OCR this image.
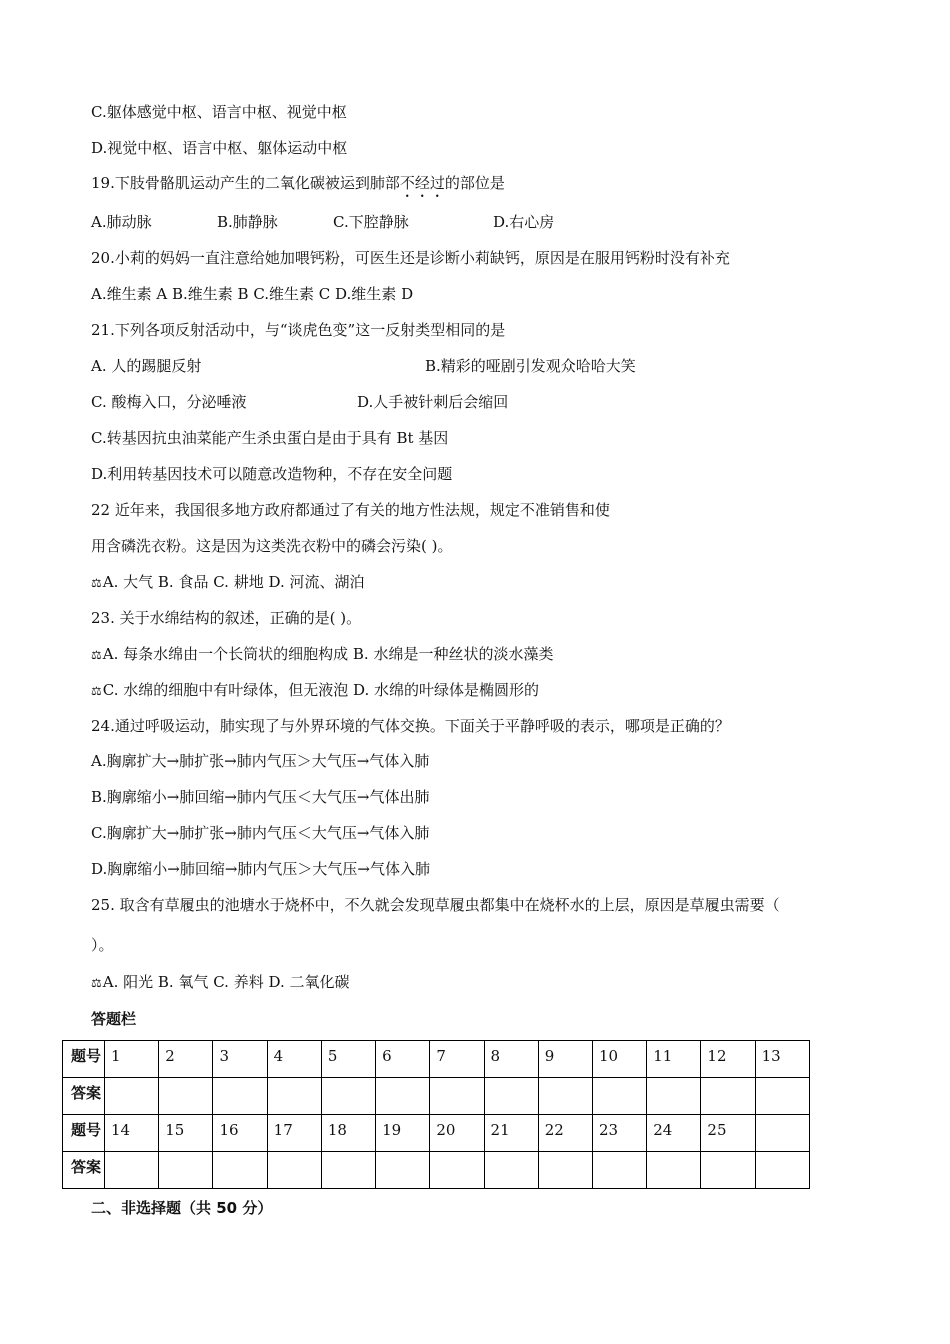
C.躯体感觉中枢、语言中枢、视觉中枢
D.视觉中枢、语言中枢、躯体运动中枢
19.下肢骨骼肌运动产生的二氧化碳被运到肺部不经过的部位是
A.肺动脉	B.肺静脉	C.下腔静脉	D.右心房
20.小莉的妈妈一直注意给她加喂钙粉，可医生还是诊断小莉缺钙，原因是在服用钙粉时没有补充
A.维生素 A B.维生素 B C.维生素 C D.维生素 D
21.下列各项反射活动中，与“谈虎色变”这一反射类型相同的是
A. 人的踢腿反射	B.精彩的哑剧引发观众哈哈大笑
C. 酸梅入口，分泌唾液	D.人手被针刺后会缩回
C.转基因抗虫油菜能产生杀虫蛋白是由于具有 Bt 基因
D.利用转基因技术可以随意改造物种，不存在安全问题
22 近年来，我国很多地方政府都通过了有关的地方性法规，规定不准销售和使
用含磷洗衣粉。这是因为这类洗衣粉中的磷会污染( )。
⚖A. 大气 B. 食品 C. 耕地 D. 河流、湖泊
23. 关于水绵结构的叙述，正确的是( )。
⚖A. 每条水绵由一个长筒状的细胞构成 B. 水绵是一种丝状的淡水藻类
⚖C. 水绵的细胞中有叶绿体，但无液泡 D. 水绵的叶绿体是椭圆形的
24.通过呼吸运动，肺实现了与外界环境的气体交换。下面关于平静呼吸的表示，哪项是正确的？
A.胸廓扩大→肺扩张→肺内气压＞大气压→气体入肺
B.胸廓缩小→肺回缩→肺内气压＜大气压→气体出肺
C.胸廓扩大→肺扩张→肺内气压＜大气压→气体入肺
D.胸廓缩小→肺回缩→肺内气压＞大气压→气体入肺
25. 取含有草履虫的池塘水于烧杯中，不久就会发现草履虫都集中在烧杯水的上层，原因是草履虫需要（
）。
⚖A. 阳光 B. 氧气 C. 养料 D. 二氧化碳
答题栏
题号	1	2	3	4	5	6	7	8	9	10	11	12	13
答案													
题号	14	15	16	17	18	19	20	21	22	23	24	25	
答案													
二、非选择题（共 50 分）
